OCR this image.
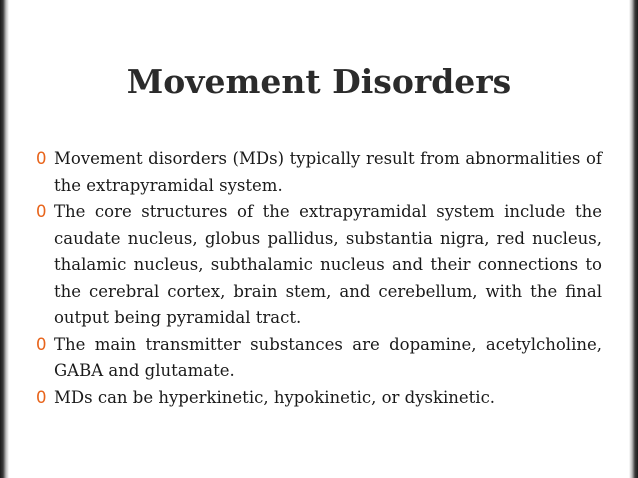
Movement Disorders
0 Movement disorders (MDs) typically result from abnormalities of the extrapyramidal system.
0 The core structures of the extrapyramidal system include the caudate nucleus, globus pallidus, substantia nigra, red nucleus, thalamic nucleus, subthalamic nucleus and their connections to the cerebral cortex, brain stem, and cerebellum, with the final output being pyramidal tract.
0 The main transmitter substances are dopamine, acetylcholine, GABA and glutamate.
0 MDs can be hyperkinetic, hypokinetic, or dyskinetic.
